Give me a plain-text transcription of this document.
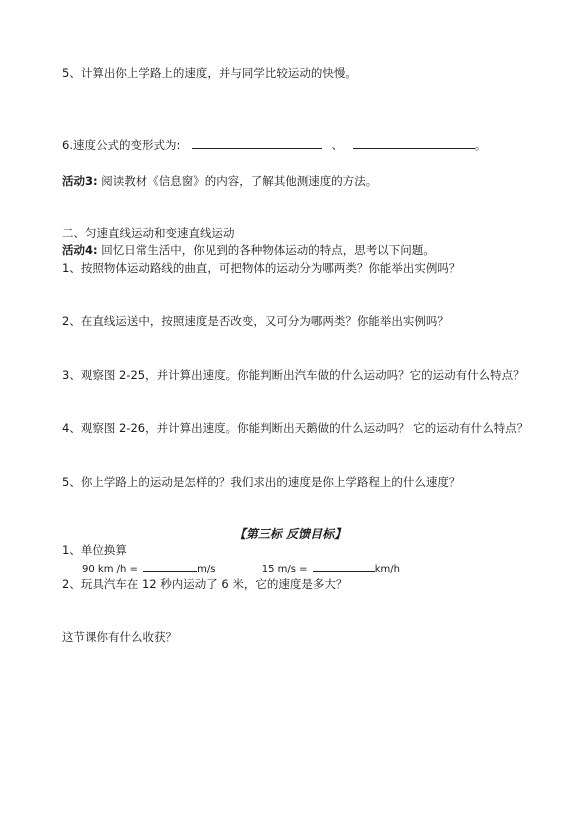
5、计算出你上学路上的速度，并与同学比较运动的快慢。
6.速度公式的变形式为:	、	。
活动3: 阅读教材《信息窗》的内容，了解其他测速度的方法。
二、匀速直线运动和变速直线运动
活动4: 回忆日常生活中，你见到的各种物体运动的特点，思考以下问题。
1、按照物体运动路线的曲直，可把物体的运动分为哪两类？你能举出实例吗？
2、在直线运送中，按照速度是否改变，又可分为哪两类？你能举出实例吗？
3、观察图 2-25，并计算出速度。你能判断出汽车做的什么运动吗？它的运动有什么特点？
4、观察图 2-26，并计算出速度。你能判断出天鹅做的什么运动吗？ 它的运动有什么特点？
5、你上学路上的运动是怎样的？我们求出的速度是你上学路程上的什么速度？
【第三标 反馈目标】
1、单位换算
90 km /h =	m/s	15 m/s =	km/h
2、玩具汽车在 12 秒内运动了 6 米，它的速度是多大？
这节课你有什么收获？
